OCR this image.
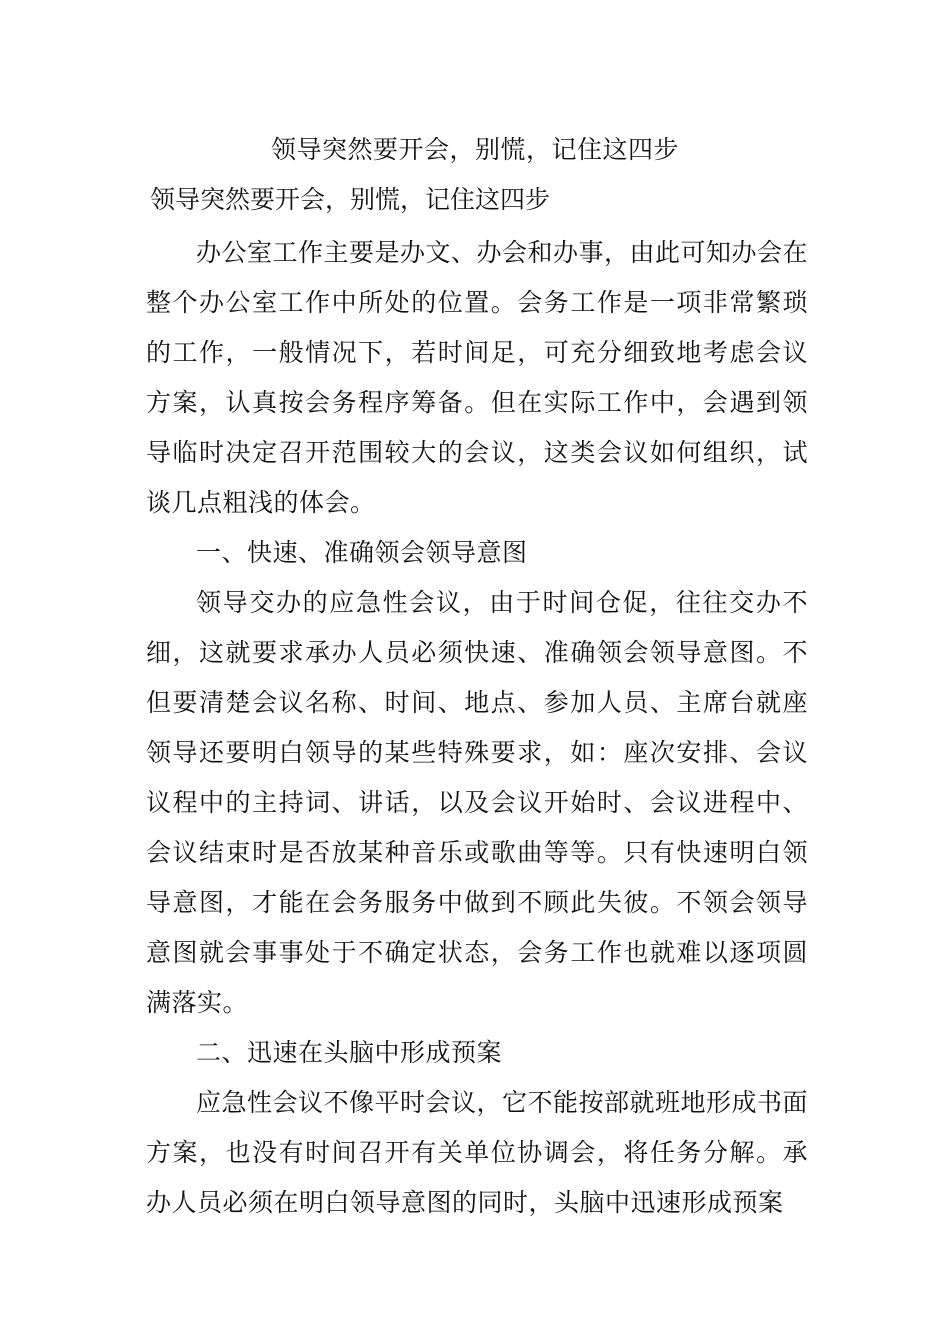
领导突然要开会，别慌，记住这四步

领导突然要开会，别慌，记住这四步

办公室工作主要是办文、办会和办事，由此可知办会在整个办公室工作中所处的位置。会务工作是一项非常繁琐的工作，一般情况下，若时间足，可充分细致地考虑会议方案，认真按会务程序筹备。但在实际工作中，会遇到领导临时决定召开范围较大的会议，这类会议如何组织，试谈几点粗浅的体会。

一、快速、准确领会领导意图

领导交办的应急性会议，由于时间仓促，往往交办不细，这就要求承办人员必须快速、准确领会领导意图。不但要清楚会议名称、时间、地点、参加人员、主席台就座领导还要明白领导的某些特殊要求，如：座次安排、会议议程中的主持词、讲话，以及会议开始时、会议进程中、会议结束时是否放某种音乐或歌曲等等。只有快速明白领导意图，才能在会务服务中做到不顾此失彼。不领会领导意图就会事事处于不确定状态，会务工作也就难以逐项圆满落实。

二、迅速在头脑中形成预案

应急性会议不像平时会议，它不能按部就班地形成书面方案，也没有时间召开有关单位协调会，将任务分解。承办人员必须在明白领导意图的同时，头脑中迅速形成预案
